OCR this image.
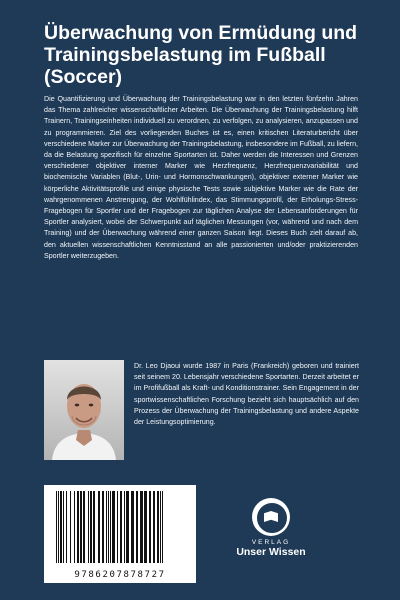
Überwachung von Ermüdung und
Trainingsbelastung im Fußball
(Soccer)

Die Quantifizierung und Überwachung der Trainingsbelastung war in den letzten fünfzehn Jahren das Thema zahlreicher wissenschaftlicher Arbeiten. Die Überwachung der Trainingsbelastung hilft Trainern, Trainingseinheiten individuell zu verordnen, zu verfolgen, zu analysieren, anzupassen und zu programmieren. Ziel des vorliegenden Buches ist es, einen kritischen Literaturbericht über verschiedene Marker zur Überwachung der Trainingsbelastung, insbesondere im Fußball, zu liefern, da die Belastung spezifisch für einzelne Sportarten ist. Daher werden die Interessen und Grenzen verschiedener objektiver interner Marker wie Herzfrequenz, Herzfrequenzvariabilität und biochemische Variablen (Blut-, Urin- und Hormonschwankungen), objektiver externer Marker wie körperliche Aktivitätsprofile und einige physische Tests sowie subjektive Marker wie die Rate der wahrgenommenen Anstrengung, der Wohlfühlindex, das Stimmungsprofil, der Erholungs-Stress-Fragebogen für Sportler und der Fragebogen zur täglichen Analyse der Lebensanforderungen für Sportler analysiert, wobei der Schwerpunkt auf täglichen Messungen (vor, während und nach dem Training) und der Überwachung während einer ganzen Saison liegt. Dieses Buch zielt darauf ab, den aktuellen wissenschaftlichen Kenntnisstand an alle passionierten und/oder praktizierenden Sportler weiterzugeben.

Dr. Leo Djaoui wurde 1987 in Paris (Frankreich) geboren und trainiert seit seinem 20. Lebensjahr verschiedene Sportarten. Derzeit arbeitet er im Profifußball als Kraft- und Konditionstrainer. Sein Engagement in der sportwissenschaftlichen Forschung bezieht sich hauptsächlich auf den Prozess der Überwachung der Trainingsbelastung und andere Aspekte der Leistungsoptimierung.

9786207878727
VERLAG
Unser Wissen
